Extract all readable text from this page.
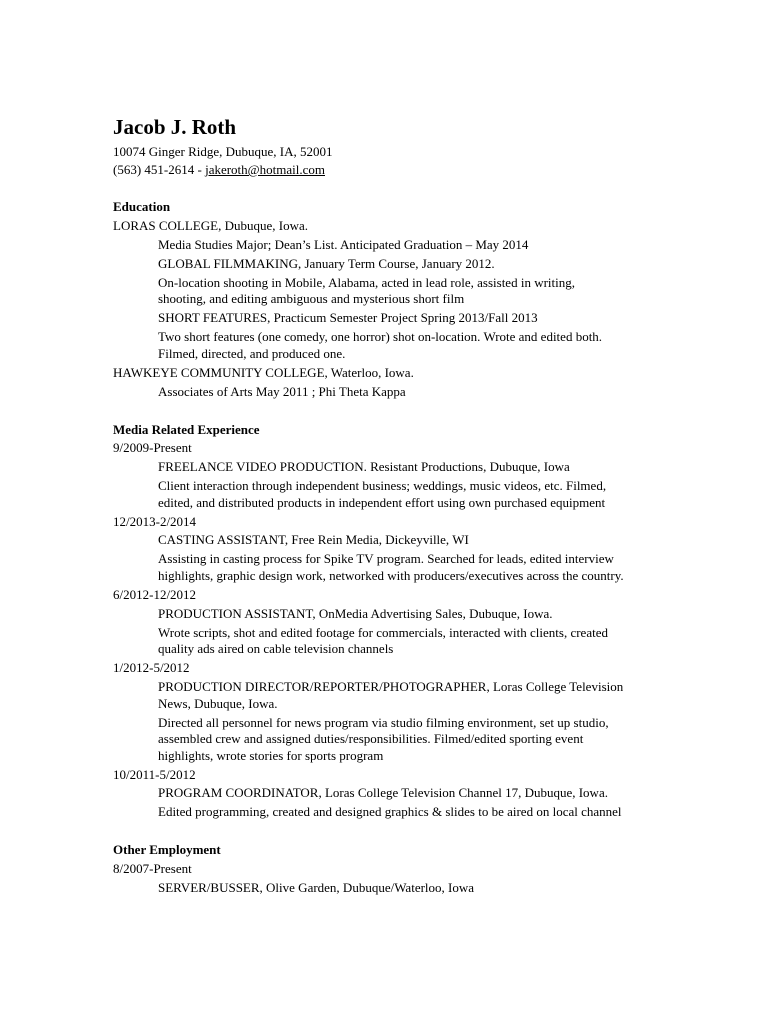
Jacob J. Roth
10074 Ginger Ridge, Dubuque, IA, 52001
(563) 451-2614 - jakeroth@hotmail.com
Education
LORAS COLLEGE, Dubuque, Iowa.
Media Studies Major; Dean’s List. Anticipated Graduation – May 2014
GLOBAL FILMMAKING, January Term Course, January 2012.
On-location shooting in Mobile, Alabama, acted in lead role, assisted in writing,
shooting, and editing ambiguous and mysterious short film
SHORT FEATURES, Practicum Semester Project Spring 2013/Fall 2013
Two short features (one comedy, one horror) shot on-location. Wrote and edited both.
Filmed, directed, and produced one.
HAWKEYE COMMUNITY COLLEGE, Waterloo, Iowa.
Associates of Arts May 2011 ; Phi Theta Kappa
Media Related Experience
9/2009-Present
FREELANCE VIDEO PRODUCTION. Resistant Productions, Dubuque, Iowa
Client interaction through independent business; weddings, music videos, etc. Filmed,
edited, and distributed products in independent effort using own purchased equipment
12/2013-2/2014
CASTING ASSISTANT, Free Rein Media, Dickeyville, WI
Assisting in casting process for Spike TV program. Searched for leads, edited interview
highlights, graphic design work, networked with producers/executives across the country.
6/2012-12/2012
PRODUCTION ASSISTANT, OnMedia Advertising Sales, Dubuque, Iowa.
Wrote scripts, shot and edited footage for commercials, interacted with clients, created
quality ads aired on cable television channels
1/2012-5/2012
PRODUCTION DIRECTOR/REPORTER/PHOTOGRAPHER, Loras College Television
News, Dubuque, Iowa.
Directed all personnel for news program via studio filming environment, set up studio,
assembled crew and assigned duties/responsibilities. Filmed/edited sporting event
highlights, wrote stories for sports program
10/2011-5/2012
PROGRAM COORDINATOR, Loras College Television Channel 17, Dubuque, Iowa.
Edited programming, created and designed graphics & slides to be aired on local channel
Other Employment
8/2007-Present
SERVER/BUSSER, Olive Garden, Dubuque/Waterloo, Iowa
